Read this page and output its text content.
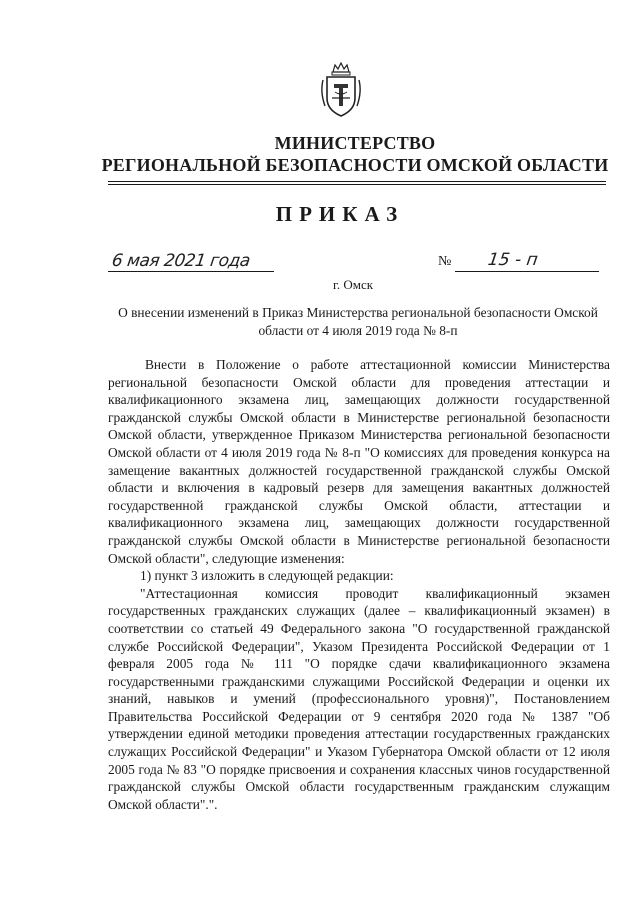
МИНИСТЕРСТВО
РЕГИОНАЛЬНОЙ БЕЗОПАСНОСТИ ОМСКОЙ ОБЛАСТИ
ПРИКАЗ
6 мая 2021 года
г. Омск
№ 15 - п
О внесении изменений в Приказ Министерства региональной безопасности Омской области от 4 июля 2019 года № 8-п

Внести в Положение о работе аттестационной комиссии Министерства региональной безопасности Омской области для проведения аттестации и квалификационного экзамена лиц, замещающих должности государственной гражданской службы Омской области в Министерстве региональной безопасности Омской области, утвержденное Приказом Министерства региональной безопасности Омской области от 4 июля 2019 года № 8-п "О комиссиях для проведения конкурса на замещение вакантных должностей государственной гражданской службы Омской области и включения в кадровый резерв для замещения вакантных должностей государственной гражданской службы Омской области, аттестации и квалификационного экзамена лиц, замещающих должности государственной гражданской службы Омской области в Министерстве региональной безопасности Омской области", следующие изменения:

1) пункт 3 изложить в следующей редакции:

"Аттестационная комиссия проводит квалификационный экзамен государственных гражданских служащих (далее – квалификационный экзамен) в соответствии со статьей 49 Федерального закона "О государственной гражданской службе Российской Федерации", Указом Президента Российской Федерации от 1 февраля 2005 года № 111 "О порядке сдачи квалификационного экзамена государственными гражданскими служащими Российской Федерации и оценки их знаний, навыков и умений (профессионального уровня)", Постановлением Правительства Российской Федерации от 9 сентября 2020 года № 1387 "Об утверждении единой методики проведения аттестации государственных гражданских служащих Российской Федерации" и Указом Губернатора Омской области от 12 июля 2005 года № 83 "О порядке присвоения и сохранения классных чинов государственной гражданской службы Омской области государственным гражданским служащим Омской области".".
